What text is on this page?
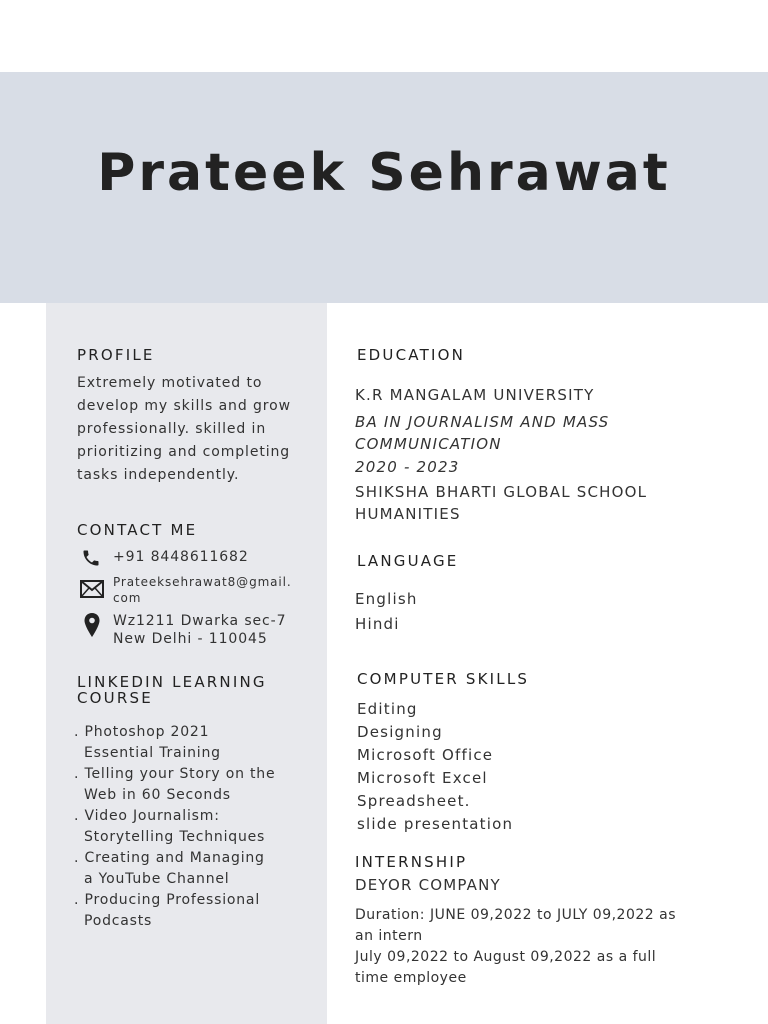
Prateek Sehrawat
PROFILE
Extremely motivated to develop my skills and grow professionally. skilled in prioritizing and completing tasks independently.
CONTACT ME
+91 8448611682
Prateeksehrawat8@gmail.
com
Wz1211 Dwarka sec-7
New Delhi - 110045
LINKEDIN LEARNING
COURSE
. Photoshop 2021
Essential Training
. Telling your Story on the
Web in 60 Seconds
. Video Journalism:
Storytelling Techniques
. Creating and Managing
a YouTube Channel
. Producing Professional
Podcasts
EDUCATION
K.R MANGALAM UNIVERSITY
BA IN JOURNALISM AND MASS
COMMUNICATION
2020 - 2023
SHIKSHA BHARTI GLOBAL SCHOOL
HUMANITIES
LANGUAGE
English
Hindi
COMPUTER SKILLS
Editing
Designing
Microsoft Office
Microsoft Excel
Spreadsheet.
slide presentation
INTERNSHIP
DEYOR COMPANY
Duration: JUNE 09,2022 to JULY 09,2022 as
an intern
July 09,2022 to August 09,2022 as a full
time employee
